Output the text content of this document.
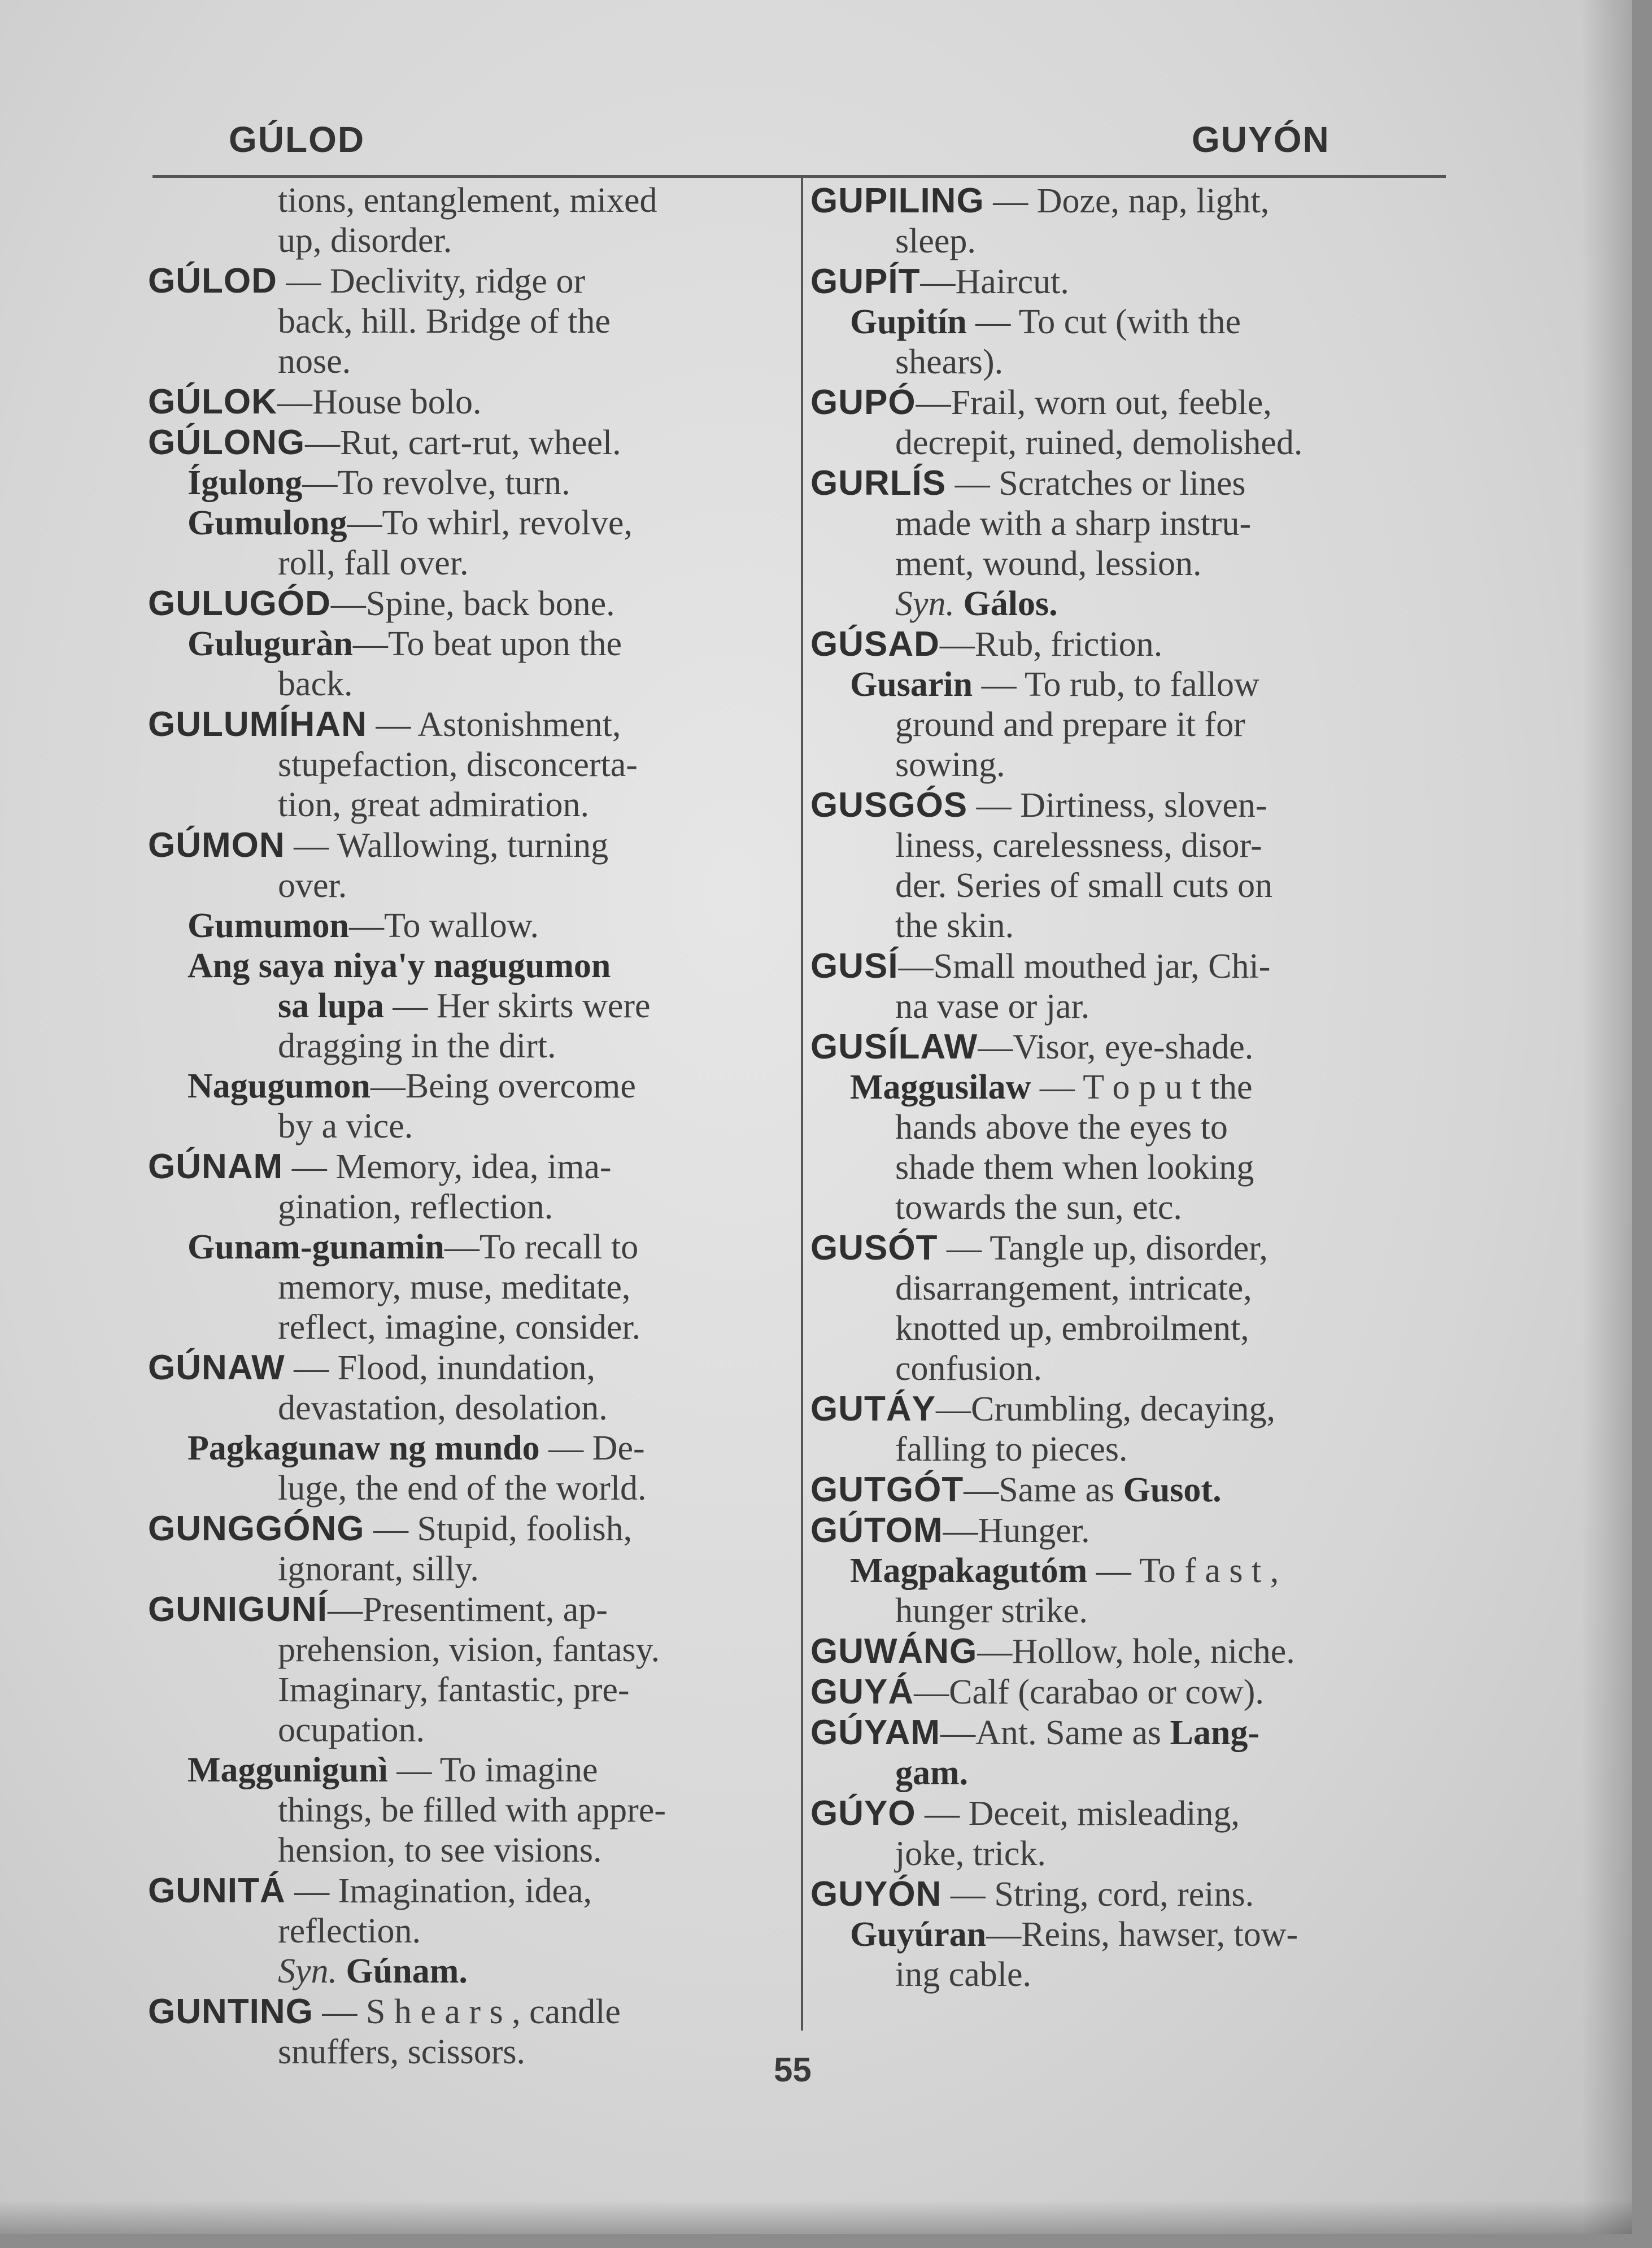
GÚLOD	GUYÓN
tions, entanglement, mixed
up, disorder.
GÚLOD — Declivity, ridge or
back, hill. Bridge of the
nose.
GÚLOK—House bolo.
GÚLONG—Rut, cart-rut, wheel.
Ígulong—To revolve, turn.
Gumulong—To whirl, revolve,
roll, fall over.
GULUGÓD—Spine, back bone.
Guluguràn—To beat upon the
back.
GULUMÍHAN — Astonishment,
stupefaction, disconcerta-
tion, great admiration.
GÚMON — Wallowing, turning
over.
Gumumon—To wallow.
Ang saya niya'y nagugumon
sa lupa — Her skirts were
dragging in the dirt.
Nagugumon—Being overcome
by a vice.
GÚNAM — Memory, idea, ima-
gination, reflection.
Gunam-gunamin—To recall to
memory, muse, meditate,
reflect, imagine, consider.
GÚNAW — Flood, inundation,
devastation, desolation.
Pagkagunaw ng mundo — De-
luge, the end of the world.
GUNGGÓNG — Stupid, foolish,
ignorant, silly.
GUNIGUNÍ—Presentiment, ap-
prehension, vision, fantasy.
Imaginary, fantastic, pre-
ocupation.
Maggunigunì — To imagine
things, be filled with appre-
hension, to see visions.
GUNITÁ — Imagination, idea,
reflection.
Syn. Gúnam.
GUNTING — S h e a r s , candle
snuffers, scissors.
GUPILING — Doze, nap, light,
sleep.
GUPÍT—Haircut.
Gupitín — To cut (with the
shears).
GUPÓ—Frail, worn out, feeble,
decrepit, ruined, demolished.
GURLÍS — Scratches or lines
made with a sharp instru-
ment, wound, lession.
Syn. Gálos.
GÚSAD—Rub, friction.
Gusarin — To rub, to fallow
ground and prepare it for
sowing.
GUSGÓS — Dirtiness, sloven-
liness, carelessness, disor-
der. Series of small cuts on
the skin.
GUSÍ—Small mouthed jar, Chi-
na vase or jar.
GUSÍLAW—Visor, eye-shade.
Maggusilaw — T o p u t the
hands above the eyes to
shade them when looking
towards the sun, etc.
GUSÓT — Tangle up, disorder,
disarrangement, intricate,
knotted up, embroilment,
confusion.
GUTÁY—Crumbling, decaying,
falling to pieces.
GUTGÓT—Same as Gusot.
GÚTOM—Hunger.
Magpakagutóm — To f a s t ,
hunger strike.
GUWÁNG—Hollow, hole, niche.
GUYÁ—Calf (carabao or cow).
GÚYAM—Ant. Same as Lang-
gam.
GÚYO — Deceit, misleading,
joke, trick.
GUYÓN — String, cord, reins.
Guyúran—Reins, hawser, tow-
ing cable.
55
